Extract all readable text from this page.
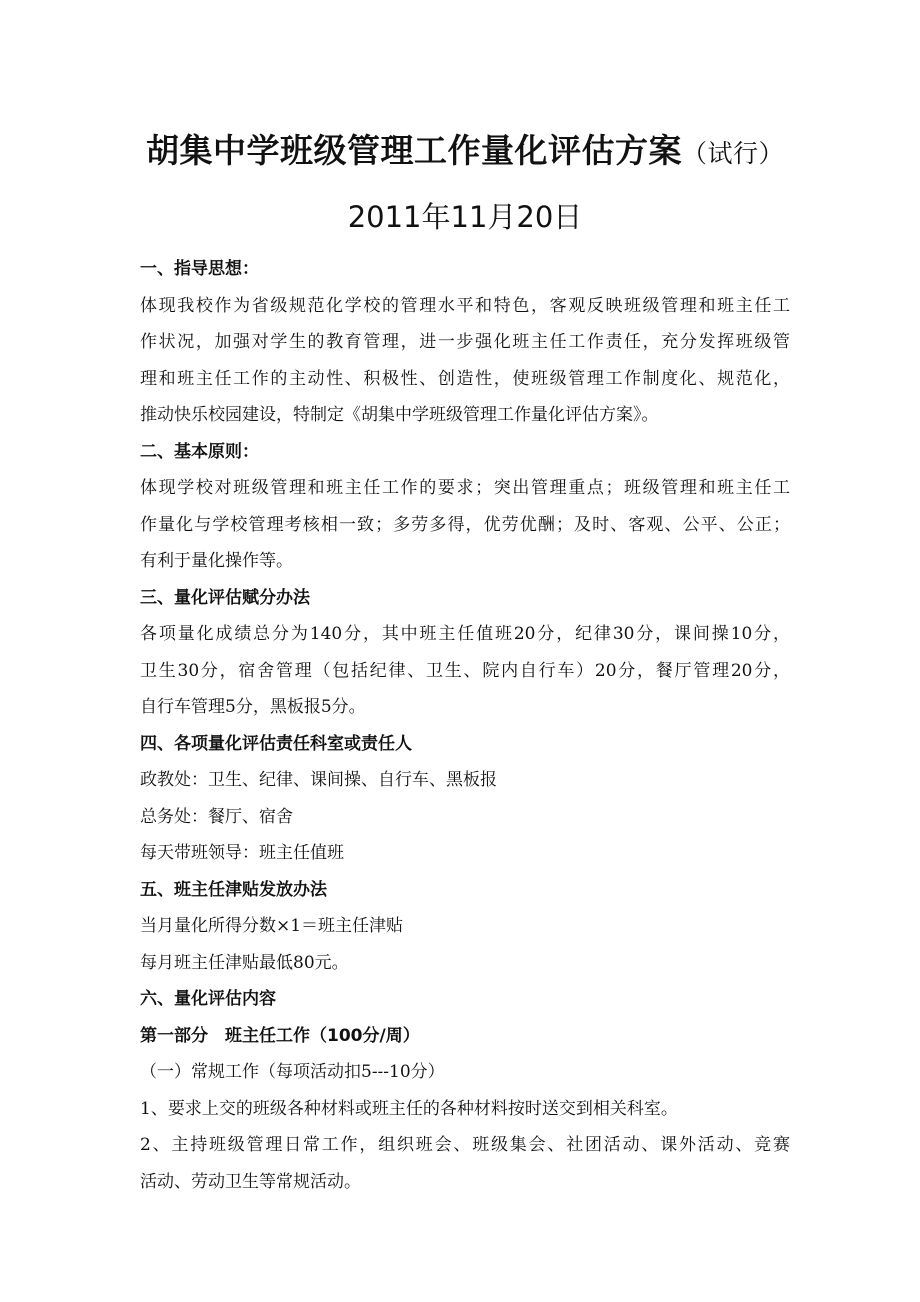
胡集中学班级管理工作量化评估方案（试行）
2011年11月20日

一、指导思想：

体现我校作为省级规范化学校的管理水平和特色，客观反映班级管理和班主任工

作状况，加强对学生的教育管理，进一步强化班主任工作责任，充分发挥班级管

理和班主任工作的主动性、积极性、创造性，使班级管理工作制度化、规范化，

推动快乐校园建设，特制定《胡集中学班级管理工作量化评估方案》。

二、基本原则：

体现学校对班级管理和班主任工作的要求；突出管理重点；班级管理和班主任工

作量化与学校管理考核相一致；多劳多得，优劳优酬；及时、客观、公平、公正；

有利于量化操作等。

三、量化评估赋分办法

各项量化成绩总分为140分，其中班主任值班20分，纪律30分，课间操10分，

卫生30分，宿舍管理（包括纪律、卫生、院内自行车）20分，餐厅管理20分，

自行车管理5分，黑板报5分。

四、各项量化评估责任科室或责任人

政教处：卫生、纪律、课间操、自行车、黑板报

总务处：餐厅、宿舍

每天带班领导：班主任值班

五、班主任津贴发放办法

当月量化所得分数×1＝班主任津贴

每月班主任津贴最低80元。

六、量化评估内容

第一部分　班主任工作（100分/周）

（一）常规工作（每项活动扣5---10分）

1、要求上交的班级各种材料或班主任的各种材料按时送交到相关科室。

2、主持班级管理日常工作，组织班会、班级集会、社团活动、课外活动、竞赛

活动、劳动卫生等常规活动。
